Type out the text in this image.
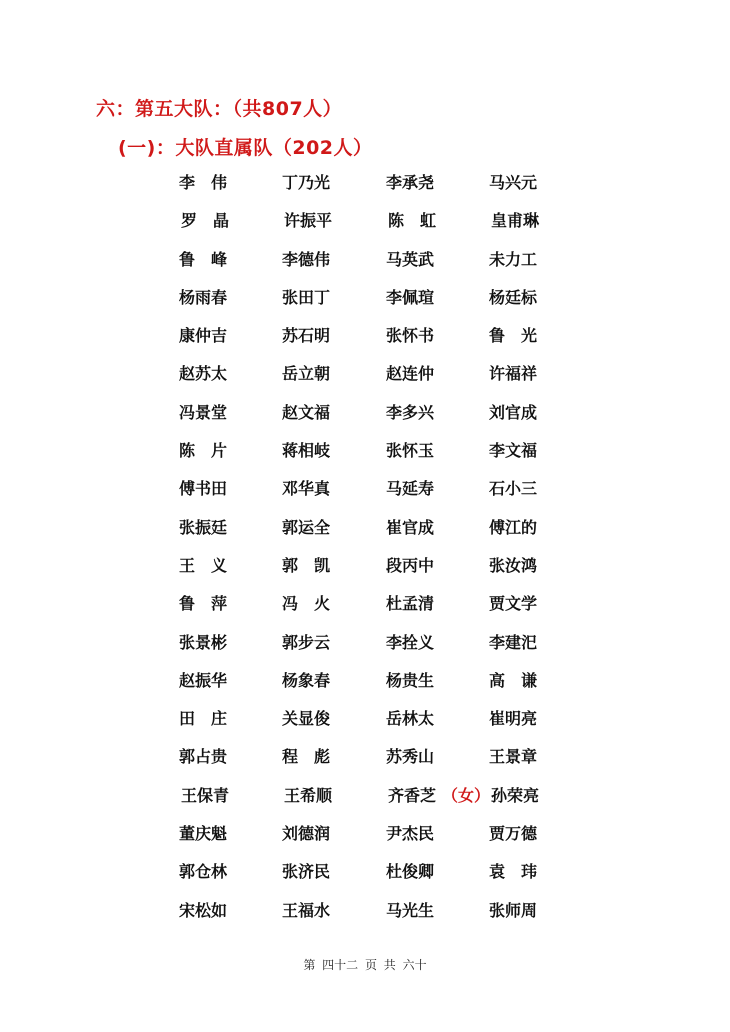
六：第五大队：（共807人）
(一)：大队直属队（202人）
李　伟	丁乃光	李承尧	马兴元
罗　晶	许振平	陈　虹	皇甫琳
鲁　峰	李德伟	马英武	未力工
杨雨春	张田丁	李佩瑄	杨廷标
康仲吉	苏石明	张怀书	鲁　光
赵苏太	岳立朝	赵连仲	许福祥
冯景堂	赵文福	李多兴	刘官成
陈　片	蒋相岐	张怀玉	李文福
傅书田	邓华真	马延寿	石小三
张振廷	郭运全	崔官成	傅江的
王　义	郭　凯	段丙中	张汝鸿
鲁　萍	冯　火	杜孟清	贾文学
张景彬	郭步云	李拴义	李建汜
赵振华	杨象春	杨贵生	高　谦
田　庄	关显俊	岳林太	崔明亮
郭占贵	程　彪	苏秀山	王景章
王保青	王希顺	齐香芝 （女） 孙荣亮
董庆魁	刘德润	尹杰民	贾万德
郭仓林	张济民	杜俊卿	袁　玮
宋松如	王福水	马光生	张师周
第 四十二 页 共 六十
